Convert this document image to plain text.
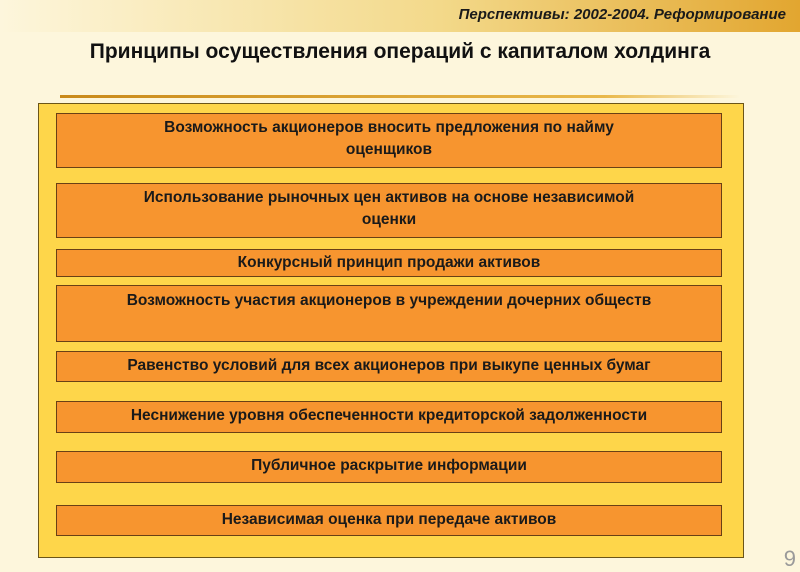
Перспективы: 2002-2004. Реформирование
Принципы осуществления операций с капиталом холдинга
Возможность акционеров вносить предложения по найму
оценщиков
Использование рыночных цен активов на основе независимой
оценки
Конкурсный принцип продажи активов
Возможность участия акционеров в учреждении дочерних обществ
Равенство условий для всех акционеров при выкупе ценных бумаг
Неснижение уровня обеспеченности кредиторской задолженности
Публичное раскрытие информации
Независимая оценка при передаче активов
9
